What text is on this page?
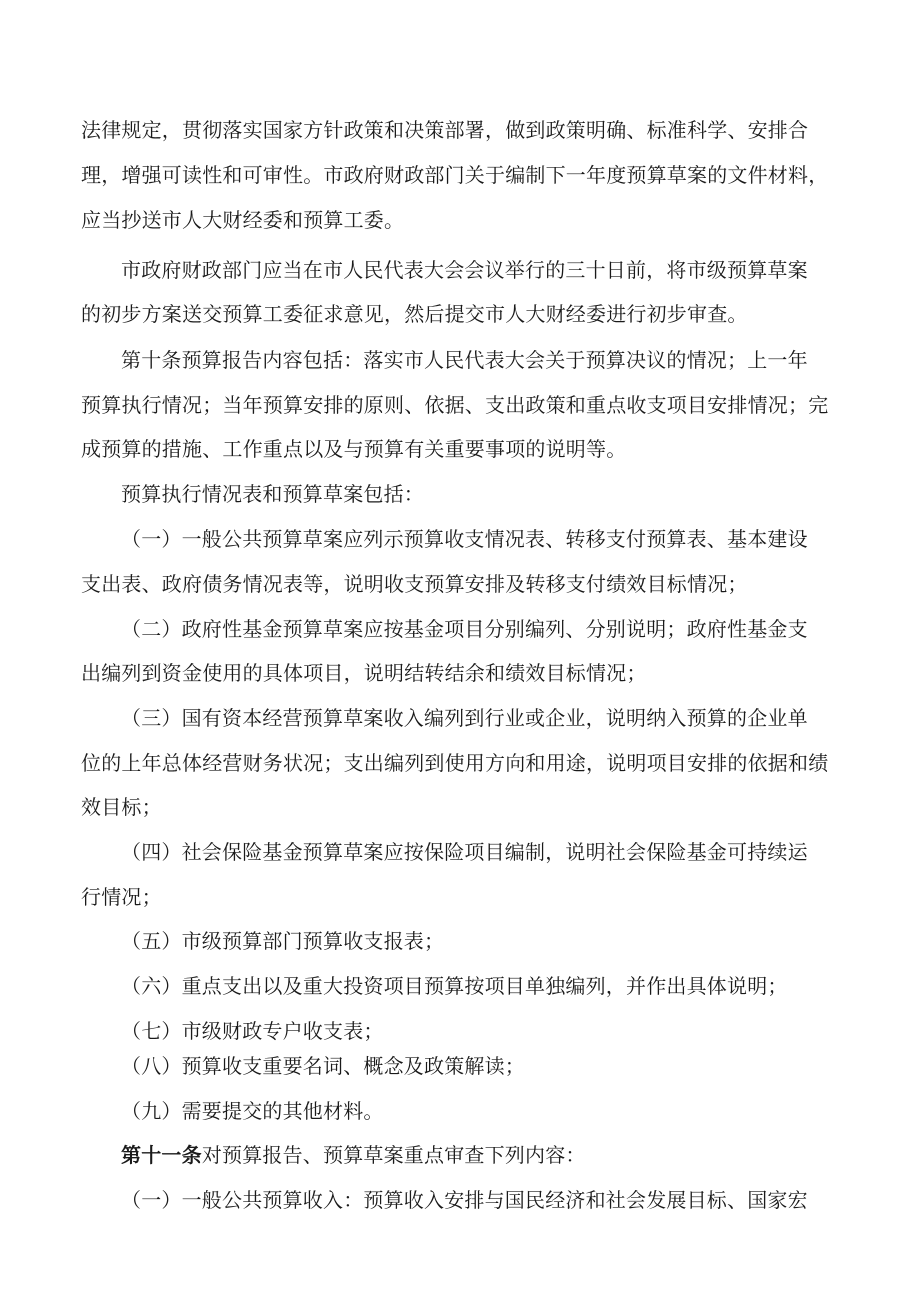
法律规定，贯彻落实国家方针政策和决策部署，做到政策明确、标准科学、安排合
理，增强可读性和可审性。市政府财政部门关于编制下一年度预算草案的文件材料，
应当抄送市人大财经委和预算工委。
市政府财政部门应当在市人民代表大会会议举行的三十日前，将市级预算草案
的初步方案送交预算工委征求意见，然后提交市人大财经委进行初步审查。
第十条预算报告内容包括：落实市人民代表大会关于预算决议的情况；上一年
预算执行情况；当年预算安排的原则、依据、支出政策和重点收支项目安排情况；完
成预算的措施、工作重点以及与预算有关重要事项的说明等。
预算执行情况表和预算草案包括：
（一）一般公共预算草案应列示预算收支情况表、转移支付预算表、基本建设
支出表、政府债务情况表等，说明收支预算安排及转移支付绩效目标情况；
（二）政府性基金预算草案应按基金项目分别编列、分别说明；政府性基金支
出编列到资金使用的具体项目，说明结转结余和绩效目标情况；
（三）国有资本经营预算草案收入编列到行业或企业，说明纳入预算的企业单
位的上年总体经营财务状况；支出编列到使用方向和用途，说明项目安排的依据和绩
效目标；
（四）社会保险基金预算草案应按保险项目编制，说明社会保险基金可持续运
行情况；
（五）市级预算部门预算收支报表；
（六）重点支出以及重大投资项目预算按项目单独编列，并作出具体说明；
（七）市级财政专户收支表；
（八）预算收支重要名词、概念及政策解读；
（九）需要提交的其他材料。
第十一条对预算报告、预算草案重点审查下列内容：
（一）一般公共预算收入：预算收入安排与国民经济和社会发展目标、国家宏
